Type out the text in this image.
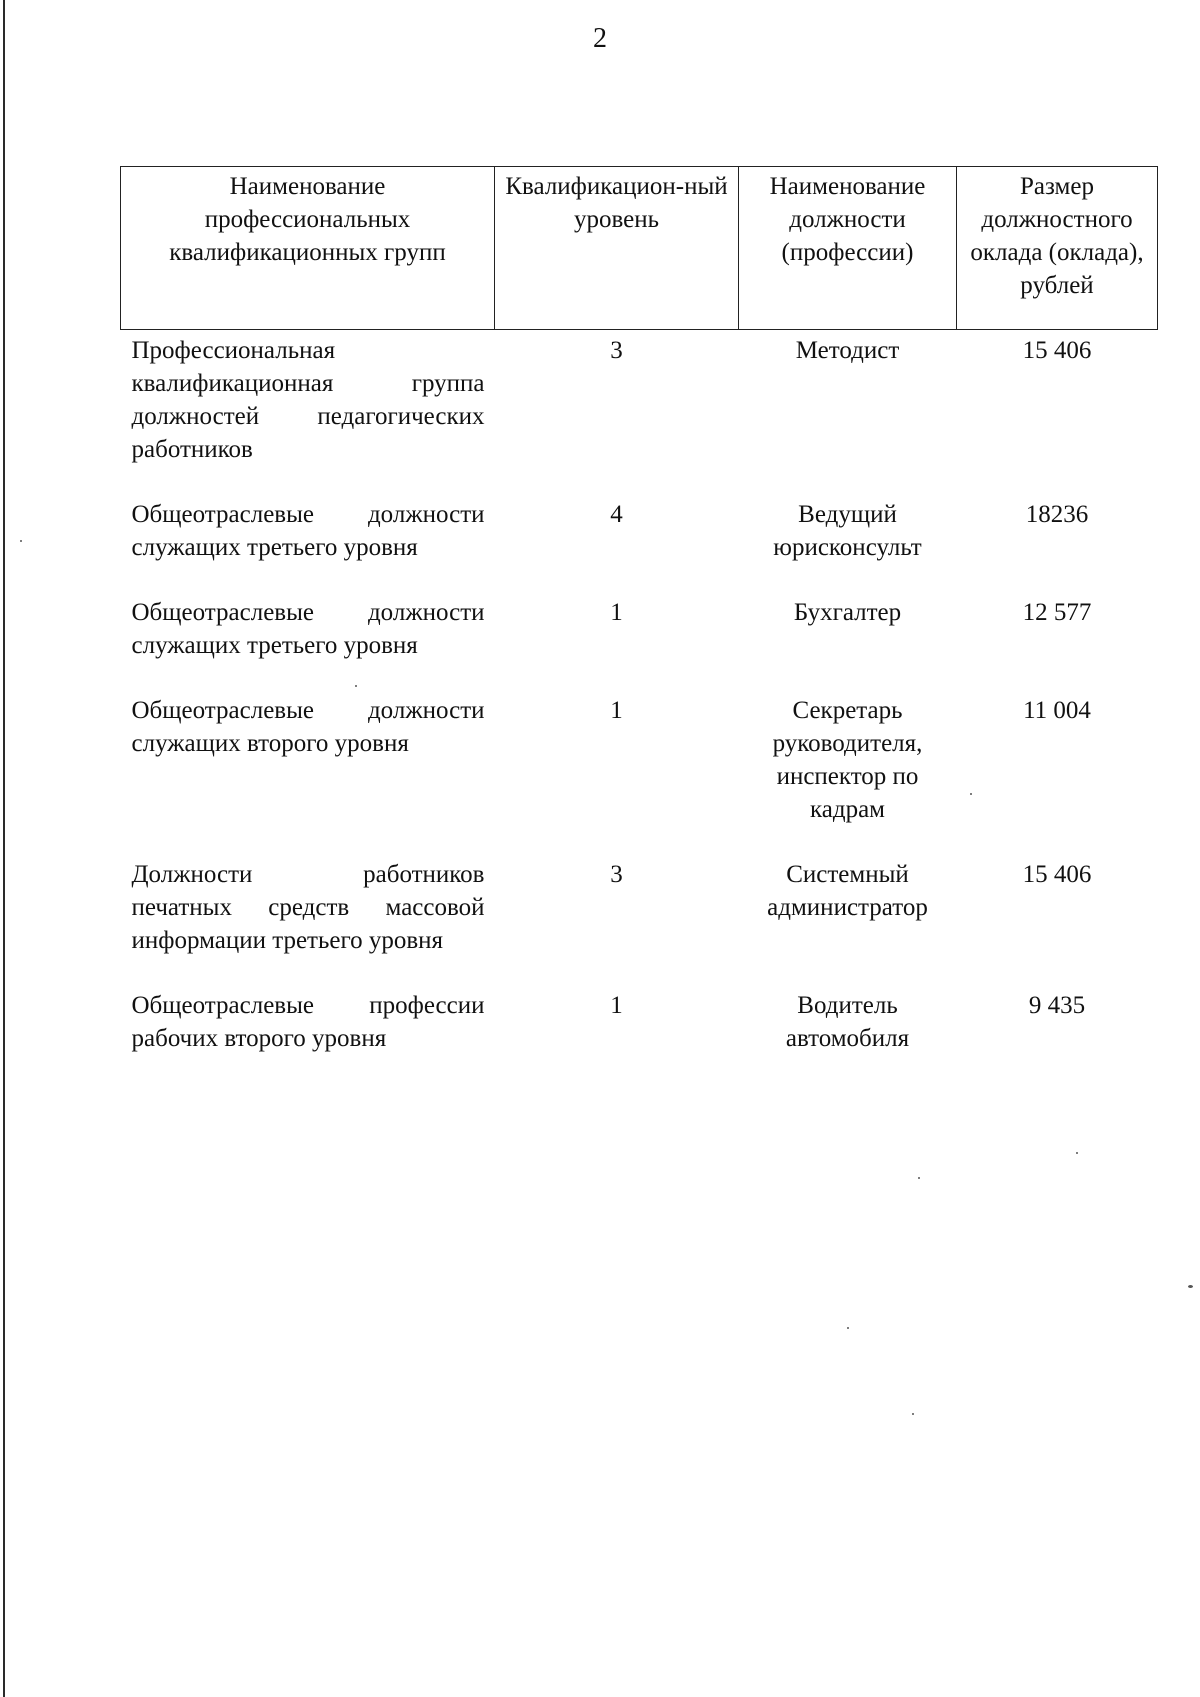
2
Наименование профессиональных квалификационных групп	Квалификацион-ный уровень	Наименование должности (профессии)	Размер должностного оклада (оклада), рублей
Профессиональная квалификационная группа должностей педагогических работников	3	Методист	15 406
Общеотраслевые должности служащих третьего уровня	4	Ведущий юрисконсульт	18236
Общеотраслевые должности служащих третьего уровня	1	Бухгалтер	12 577
Общеотраслевые должности служащих второго уровня	1	Секретарь руководителя, инспектор по кадрам	11 004
Должности работников печатных средств массовой информации третьего уровня	3	Системный администратор	15 406
Общеотраслевые профессии рабочих второго уровня	1	Водитель автомобиля	9 435
